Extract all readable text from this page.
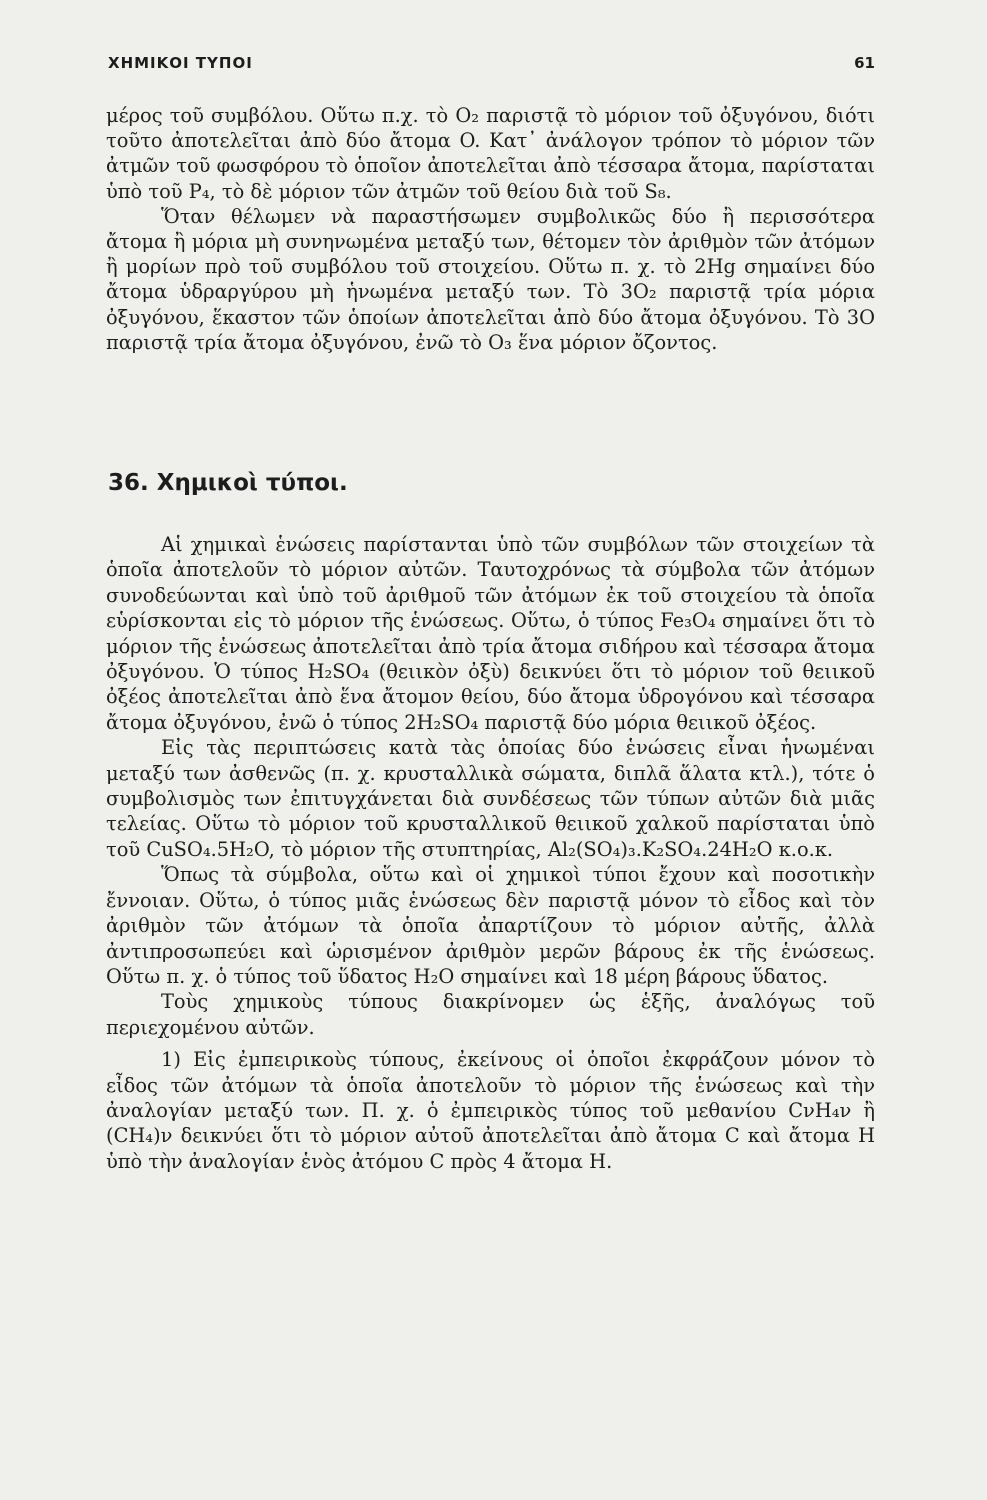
ΧΗΜΙΚΟΙ ΤΥΠΟΙ	61

μέρος τοῦ συμβόλου. Οὕτω π.χ. τὸ O₂ παριστᾷ τὸ μόριον τοῦ ὀξυγόνου, διότι τοῦτο ἀποτελεῖται ἀπὸ δύο ἄτομα O. Κατ᾽ ἀνάλογον τρόπον τὸ μόριον τῶν ἀτμῶν τοῦ φωσφόρου τὸ ὁποῖον ἀποτελεῖται ἀπὸ τέσσαρα ἄτομα, παρίσταται ὑπὸ τοῦ P₄, τὸ δὲ μόριον τῶν ἀτμῶν τοῦ θείου διὰ τοῦ S₈.

Ὅταν θέλωμεν νὰ παραστήσωμεν συμβολικῶς δύο ἢ περισσότερα ἄτομα ἢ μόρια μὴ συνηνωμένα μεταξύ των, θέτομεν τὸν ἀριθμὸν τῶν ἀτόμων ἢ μορίων πρὸ τοῦ συμβόλου τοῦ στοιχείου. Οὕτω π. χ. τὸ 2Hg σημαίνει δύο ἄτομα ὑδραργύρου μὴ ἡνωμένα μεταξύ των. Τὸ 3O₂ παριστᾷ τρία μόρια ὀξυγόνου, ἕκαστον τῶν ὁποίων ἀποτελεῖται ἀπὸ δύο ἄτομα ὀξυγόνου. Τὸ 3O παριστᾷ τρία ἄτομα ὀξυγόνου, ἐνῶ τὸ O₃ ἕνα μόριον ὄζοντος.

36. Χημικοὶ τύποι.

Αἱ χημικαὶ ἑνώσεις παρίστανται ὑπὸ τῶν συμβόλων τῶν στοιχείων τὰ ὁποῖα ἀποτελοῦν τὸ μόριον αὐτῶν. Ταυτοχρόνως τὰ σύμβολα τῶν ἀτόμων συνοδεύωνται καὶ ὑπὸ τοῦ ἀριθμοῦ τῶν ἀτόμων ἐκ τοῦ στοιχείου τὰ ὁποῖα εὑρίσκονται εἰς τὸ μόριον τῆς ἑνώσεως. Οὕτω, ὁ τύπος Fe₃O₄ σημαίνει ὅτι τὸ μόριον τῆς ἑνώσεως ἀποτελεῖται ἀπὸ τρία ἄτομα σιδήρου καὶ τέσσαρα ἄτομα ὀξυγόνου. Ὁ τύπος H₂SO₄ (θειικὸν ὀξὺ) δεικνύει ὅτι τὸ μόριον τοῦ θειικοῦ ὀξέος ἀποτελεῖται ἀπὸ ἕνα ἄτομον θείου, δύο ἄτομα ὑδρογόνου καὶ τέσσαρα ἄτομα ὀξυγόνου, ἐνῶ ὁ τύπος 2H₂SO₄ παριστᾷ δύο μόρια θειικοῦ ὀξέος.

Εἰς τὰς περιπτώσεις κατὰ τὰς ὁποίας δύο ἑνώσεις εἶναι ἡνωμέναι μεταξύ των ἀσθενῶς (π. χ. κρυσταλλικὰ σώματα, διπλᾶ ἅλατα κτλ.), τότε ὁ συμβολισμὸς των ἐπιτυγχάνεται διὰ συνδέσεως τῶν τύπων αὐτῶν διὰ μιᾶς τελείας. Οὕτω τὸ μόριον τοῦ κρυσταλλικοῦ θειικοῦ χαλκοῦ παρίσταται ὑπὸ τοῦ CuSO₄.5H₂O, τὸ μόριον τῆς στυπτηρίας, Al₂(SO₄)₃.K₂SO₄.24H₂O κ.ο.κ.

Ὅπως τὰ σύμβολα, οὕτω καὶ οἱ χημικοὶ τύποι ἔχουν καὶ ποσοτικὴν ἔννοιαν. Οὕτω, ὁ τύπος μιᾶς ἑνώσεως δὲν παριστᾷ μόνον τὸ εἶδος καὶ τὸν ἀριθμὸν τῶν ἀτόμων τὰ ὁποῖα ἀπαρτίζουν τὸ μόριον αὐτῆς, ἀλλὰ ἀντιπροσωπεύει καὶ ὡρισμένον ἀριθμὸν μερῶν βάρους ἐκ τῆς ἑνώσεως. Οὕτω π. χ. ὁ τύπος τοῦ ὕδατος H₂O σημαίνει καὶ 18 μέρη βάρους ὕδατος.

Τοὺς χημικοὺς τύπους διακρίνομεν ὡς ἑξῆς, ἀναλόγως τοῦ περιεχομένου αὐτῶν.

1) Εἰς ἐμπειρικοὺς τύπους, ἐκείνους οἱ ὁποῖοι ἐκφράζουν μόνον τὸ εἶδος τῶν ἀτόμων τὰ ὁποῖα ἀποτελοῦν τὸ μόριον τῆς ἑνώσεως καὶ τὴν ἀναλογίαν μεταξύ των. Π. χ. ὁ ἐμπειρικὸς τύπος τοῦ μεθανίου CνH₄ν ἢ (CH₄)ν δεικνύει ὅτι τὸ μόριον αὐτοῦ ἀποτελεῖται ἀπὸ ἄτομα C καὶ ἄτομα H ὑπὸ τὴν ἀναλογίαν ἑνὸς ἀτόμου C πρὸς 4 ἄτομα H.
